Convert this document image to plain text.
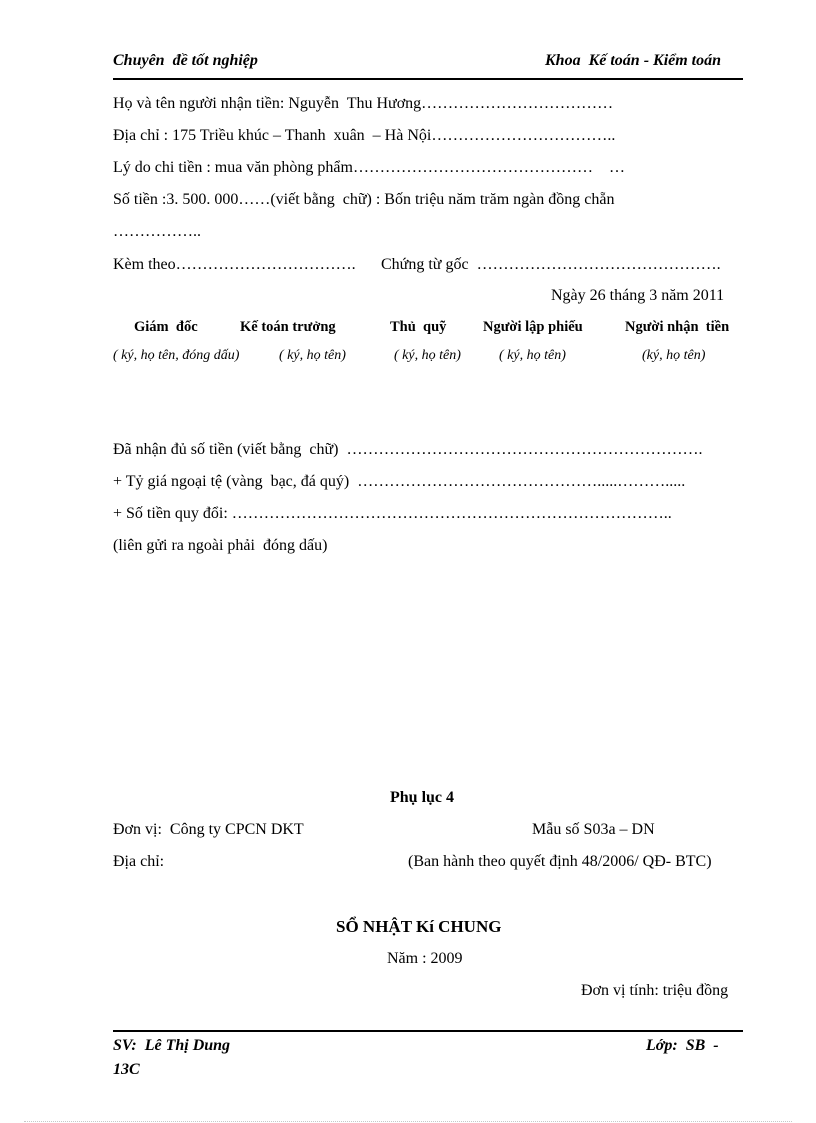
Chuyên  đề tốt nghiệp	Khoa  Kế toán - Kiểm toán
Họ và tên người nhận tiền: Nguyễn  Thu Hương………………………………
Địa chỉ : 175 Triều khúc – Thanh  xuân  – Hà Nội……………………………..
Lý do chi tiền : mua văn phòng phẩm………………………………………    …
Số tiền :3. 500. 000……(viết bằng  chữ) : Bốn triệu năm trăm ngàn đồng chẵn
……………..
Kèm theo……………………………. Chứng từ gốc  ……………………………………….
Ngày 26 tháng 3 năm 2011
Giám  đốc	Kế toán trưởng	Thủ  quỹ	Người lập phiếu	Người nhận  tiền
( ký, họ tên, đóng dấu)	( ký, họ tên)	( ký, họ tên)	( ký, họ tên)	(ký, họ tên)
Đã nhận đủ số tiền (viết bằng  chữ)  ………………………………………………………….
+ Tỷ giá ngoại tệ (vàng  bạc, đá quý)  ……………………………………….....……….....
+ Số tiền quy đổi: ………………………………………………………………………..
(liên gửi ra ngoài phải  đóng dấu)
Phụ lục 4
Đơn vị:  Công ty CPCN DKT	Mẫu số S03a – DN
Địa chỉ:	(Ban hành theo quyết định 48/2006/ QĐ- BTC)
SỔ NHẬT Kí CHUNG
Năm : 2009
Đơn vị tính: triệu đồng
SV:  Lê Thị Dung	Lớp:  SB  -
13C
